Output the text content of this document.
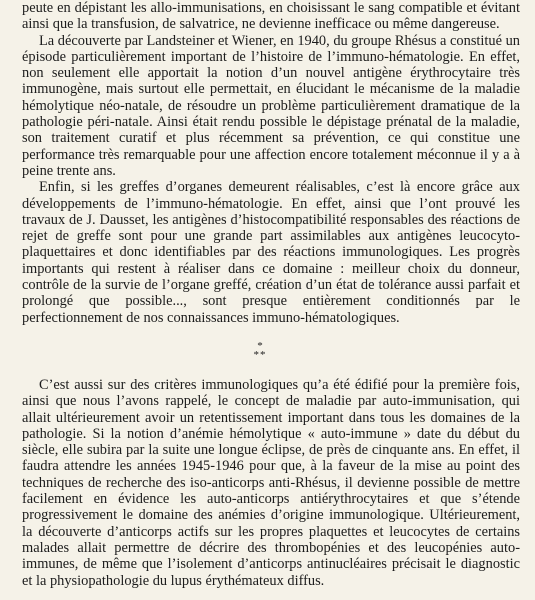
peute en dépistant les allo-immunisations, en choisissant le sang compatible et évitant ainsi que la transfusion, de salvatrice, ne devienne inefficace ou même dangereuse.

La découverte par Landsteiner et Wiener, en 1940, du groupe Rhésus a constitué un épisode particulièrement important de l’histoire de l’immuno-hématologie. En effet, non seulement elle apportait la notion d’un nouvel antigène érythrocytaire très immunogène, mais surtout elle permettait, en élucidant le mécanisme de la maladie hémolytique néo-natale, de résoudre un problème particulièrement dramatique de la pathologie péri-natale. Ainsi était rendu possible le dépistage prénatal de la maladie, son traitement curatif et plus récemment sa prévention, ce qui constitue une performance très remarquable pour une affection encore totalement méconnue il y a à peine trente ans.

Enfin, si les greffes d’organes demeurent réalisables, c’est là encore grâce aux développements de l’immuno-hématologie. En effet, ainsi que l’ont prouvé les travaux de J. Dausset, les antigènes d’histocompatibilité responsables des réactions de rejet de greffe sont pour une grande part assimilables aux antigènes leucocyto-plaquettaires et donc identifiables par des réactions immunologiques. Les progrès importants qui restent à réaliser dans ce domaine : meilleur choix du donneur, contrôle de la survie de l’organe greffé, création d’un état de tolérance aussi parfait et prolongé que possible..., sont presque entièrement conditionnés par le perfectionnement de nos connaissances immuno-hématologiques.

*
**

C’est aussi sur des critères immunologiques qu’a été édifié pour la première fois, ainsi que nous l’avons rappelé, le concept de maladie par auto-immunisation, qui allait ultérieurement avoir un retentissement important dans tous les domaines de la pathologie. Si la notion d’anémie hémolytique « auto-immune » date du début du siècle, elle subira par la suite une longue éclipse, de près de cinquante ans. En effet, il faudra attendre les années 1945-1946 pour que, à la faveur de la mise au point des techniques de recherche des iso-anticorps anti-Rhésus, il devienne possible de mettre facilement en évidence les auto-anticorps antiérythrocytaires et que s’étende progressivement le domaine des anémies d’origine immunologique. Ultérieurement, la découverte d’anticorps actifs sur les propres plaquettes et leucocytes de certains malades allait permettre de décrire des thrombopénies et des leucopénies auto-immunes, de même que l’isolement d’anticorps antinucléaires précisait le diagnostic et la physiopathologie du lupus érythémateux diffus.
